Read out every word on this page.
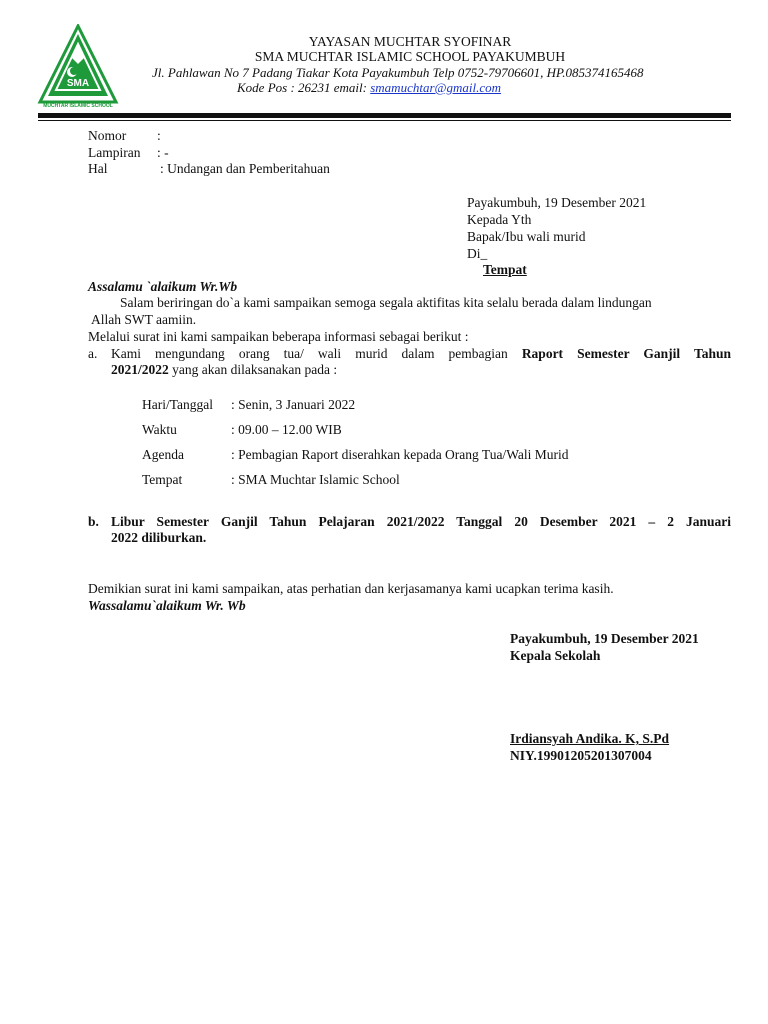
SMA
MUCHTAR ISLAMIC SCHOOL
YAYASAN MUCHTAR SYOFINAR
SMA MUCHTAR ISLAMIC SCHOOL PAYAKUMBUH
Jl. Pahlawan No 7 Padang Tiakar Kota Payakumbuh Telp 0752-79706601, HP.085374165468
Kode Pos : 26231 email: smamuchtar@gmail.com
Nomor :
Lampiran : -
Hal	: Undangan dan Pemberitahuan
Payakumbuh, 19 Desember 2021
Kepada Yth
Bapak/Ibu wali murid
Di_
Tempat
Assalamu `alaikum Wr.Wb
Salam beriringan do`a kami sampaikan semoga segala aktifitas kita selalu berada dalam lindungan
Allah SWT aamiin.
Melalui surat ini kami sampaikan beberapa informasi sebagai berikut :
a. Kami mengundang orang tua/ wali murid dalam pembagian Raport Semester Ganjil Tahun
2021/2022 yang akan dilaksanakan pada :
Hari/Tanggal : Senin, 3 Januari 2022
Waktu	: 09.00 – 12.00 WIB
Agenda	: Pembagian Raport diserahkan kepada Orang Tua/Wali Murid
Tempat	: SMA Muchtar Islamic School
b. Libur Semester Ganjil Tahun Pelajaran 2021/2022 Tanggal 20 Desember 2021 – 2 Januari
2022 diliburkan.
Demikian surat ini kami sampaikan, atas perhatian dan kerjasamanya kami ucapkan terima kasih.
Wassalamu`alaikum Wr. Wb
Payakumbuh, 19 Desember 2021
Kepala Sekolah
Irdiansyah Andika. K, S.Pd
NIY.19901205201307004
